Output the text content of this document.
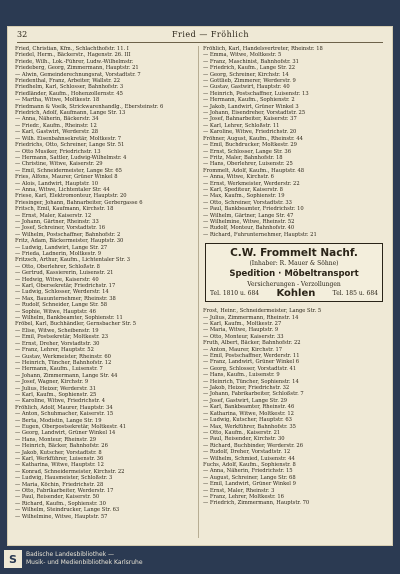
32	Fried — Fröhlich
Fried, Christian, Kfm., Schlachthofstr. 11. I
Friedel, Herm., Bäckerstr., Hagenstr. 26. III
Friede, Wilh., Lok.-Führer, Ludw.-Wilhelmstr.
Friedeberg, Georg, Zimmermann, Hauptstr. 21
— Alwin, Gemeinderechnungsrat, Vorstadtstr. 7
Friedenthal, Franz, Arbeiter, Wallstr. 22
Friedhelm, Karl, Schlosser, Bahnhofstr. 3
Friedländer, Kaufm., Hohenzollernstr. 45
— Martha, Witwe, Moltkestr. 18
Friedmann & Voelk, Strickwarenhandlg., Ebersteinstr. 6
Friedrich, Adolf, Kaufmann, Lange Str. 13
— Anna, Näherin, Bäckerstr. 34
— Friedr., Kaufm., Rheinstr. 12
— Karl, Gastwirt, Werderstr. 28
— Wilh. Eisenbahnsekretär, Moltkestr. 7
Friedrichs, Otto, Schreiner, Lange Str. 51
— Otto Musiker, Friedrichstr. 13
— Hermann, Sattler, Ludwig-Wilhelmstr. 4
— Christine, Witwe, Kaiserstr. 29
— Emil, Schneidermeister, Lange Str. 65
Fries, Alfons, Maurer, Grüner Winkel 8
— Alois, Landwirt, Hauptstr. 10
— Anna, Witwe, Lichtentaler Str. 44
Friese, Karl, Elektromonteur, Hauptstr. 20
Friesinger, Johann, Bahnarbeiter, Gerbergasse 6
Fritsch, Emil, Kaufmann, Kirchstr. 18
— Ernst, Maler, Kaiserstr. 12
— Johann, Gärtner, Rheinstr. 33
— Josef, Schreiner, Vorstadtstr. 16
— Wilhelm, Postschaffner, Bahnhofstr. 2
Fritz, Adam, Bäckermeister, Hauptstr. 30
— Ludwig, Landwirt, Lange Str. 27
— Frieda, Ladnerin, Moltkestr. 9
Fritzsch, Arthur, Kaufm., Lichtentaler Str. 3
— Otto, Oberlehrer, Schloßstr. 8
— Gertrud, Kassiererin, Luisenstr. 21
— Hedwig, Witwe, Kaiserstr. 40
— Karl, Obersekretär, Friedrichstr. 17
— Ludwig, Schlosser, Werderstr. 14
— Max, Bauunternehmer, Rheinstr. 38
— Rudolf, Schneider, Lange Str. 58
— Sophie, Witwe, Hauptstr. 46
— Wilhelm, Bankbeamter, Sophienstr. 11
Fröbel, Karl, Buchhändler, Gernsbacher Str. 5
— Elise, Witwe, Scheibenstr. 19
— Emil, Postsekretär, Moltkestr. 23
— Ernst, Dreher, Vorstadtstr. 30
— Franz, Lehrer, Hauptstr. 52
— Gustav, Werkmeister, Rheinstr. 60
— Heinrich, Tüncher, Bahnhofstr. 12
— Hermann, Kaufm., Luisenstr. 7
— Johann, Zimmermann, Lange Str. 44
— Josef, Wagner, Kirchstr. 9
— Julius, Heizer, Werderstr. 31
— Karl, Kaufm., Sophienstr. 25
— Karoline, Witwe, Friedrichstr. 4
Fröhlich, Adolf, Maurer, Hauptstr. 34
— Anton, Schuhmacher, Kaiserstr. 15
— Berta, Modistin, Lange Str. 19
— Eugen, Oberpostsekretär, Moltkestr. 41
— Georg, Landwirt, Grüner Winkel 14
— Hans, Monteur, Rheinstr. 29
— Heinrich, Bäcker, Bahnhofstr. 26
— Jakob, Kutscher, Vorstadtstr. 8
— Karl, Werkführer, Luisenstr. 36
— Katharina, Witwe, Hauptstr. 12
— Konrad, Schneidermeister, Kirchstr. 22
— Ludwig, Hausmeister, Schloßstr. 3
— Maria, Köchin, Friedrichstr. 28
— Otto, Fabrikarbeiter, Werderstr. 17
— Paul, Reisender, Kaiserstr. 50
— Richard, Kaufm., Sophienstr. 30
— Wilhelm, Steindrucker, Lange Str. 63
— Wilhelmine, Witwe, Hauptstr. 57
Fröhlich, Karl, Handelsvertreter, Rheinstr. 18
— Emma, Witwe, Moltkestr. 5
— Franz, Maschinist, Bahnhofstr. 31
— Friedrich, Kaufm., Lange Str. 22
— Georg, Schreiner, Kirchstr. 14
— Gottlieb, Zimmerer, Werderstr. 9
— Gustav, Gastwirt, Hauptstr. 40
— Heinrich, Postschaffner, Luisenstr. 13
— Hermann, Kaufm., Sophienstr. 2
— Jakob, Landwirt, Grüner Winkel 3
— Johann, Eisendreher, Vorstadtstr. 25
— Josef, Bahnarbeiter, Kaiserstr. 37
— Karl, Lehrer, Schloßstr. 11
— Karoline, Witwe, Friedrichstr. 20
Fröhner, August, Kaufm., Rheinstr. 44
— Emil, Buchdrucker, Moltkestr. 29
— Ernst, Schlosser, Lange Str. 36
— Fritz, Maler, Bahnhofstr. 18
— Hans, Oberlehrer, Luisenstr. 25
Frommelt, Adolf, Kaufm., Hauptstr. 48
— Anna, Witwe, Kirchstr. 6
— Ernst, Werkmeister, Werderstr. 22
— Karl, Spediteur, Kaiserstr. 8
— Max, Kaufm., Sophienstr. 19
— Otto, Schreiner, Vorstadtstr. 33
— Paul, Bankbeamter, Friedrichstr. 10
— Wilhelm, Gärtner, Lange Str. 47
— Wilhelmine, Witwe, Rheinstr. 52
— Rudolf, Monteur, Bahnhofstr. 40
— Richard, Fuhrunternehmer, Hauptstr. 21
C.W. Frommelt Nachf.
(Inhaber: R. Mauer & Söhne)
Spedition · Möbeltransport
Versicherungen - Verzollungen
Tel. 1810 u. 684 Kohlen	Tel. 185 u. 684
Frost, Heinr., Schneidermeister, Lange Str. 5
— Julius, Zimmermann, Rheinstr. 14
— Karl, Kaufm., Moltkestr. 27
— Maria, Witwe, Hauptstr. 9
— Otto, Monteur, Kaiserstr. 33
Fruth, Albert, Bäcker, Bahnhofstr. 22
— Anton, Maurer, Kirchstr. 17
— Emil, Postschaffner, Werderstr. 11
— Franz, Landwirt, Grüner Winkel 6
— Georg, Schlosser, Vorstadtstr. 41
— Hans, Kaufm., Luisenstr. 9
— Heinrich, Tüncher, Sophienstr. 14
— Jakob, Heizer, Friedrichstr. 32
— Johann, Fabrikarbeiter, Schloßstr. 7
— Josef, Gastwirt, Lange Str. 29
— Karl, Bankbeamter, Rheinstr. 46
— Katharina, Witwe, Moltkestr. 12
— Ludwig, Kutscher, Hauptstr. 63
— Max, Werkführer, Bahnhofstr. 35
— Otto, Kaufm., Kaiserstr. 21
— Paul, Reisender, Kirchstr. 30
— Richard, Buchbinder, Werderstr. 26
— Rudolf, Dreher, Vorstadtstr. 12
— Wilhelm, Schmied, Luisenstr. 44
Fuchs, Adolf, Kaufm., Sophienstr. 8
— Anna, Näherin, Friedrichstr. 15
— August, Schreiner, Lange Str. 68
— Emil, Landwirt, Grüner Winkel 9
— Ernst, Maler, Rheinstr. 3
— Franz, Lehrer, Moltkestr. 16
— Friedrich, Zimmermann, Hauptstr. 70
S	Badische Landesbibliothek —
Musik- und Medienbibliothek Karlsruhe
